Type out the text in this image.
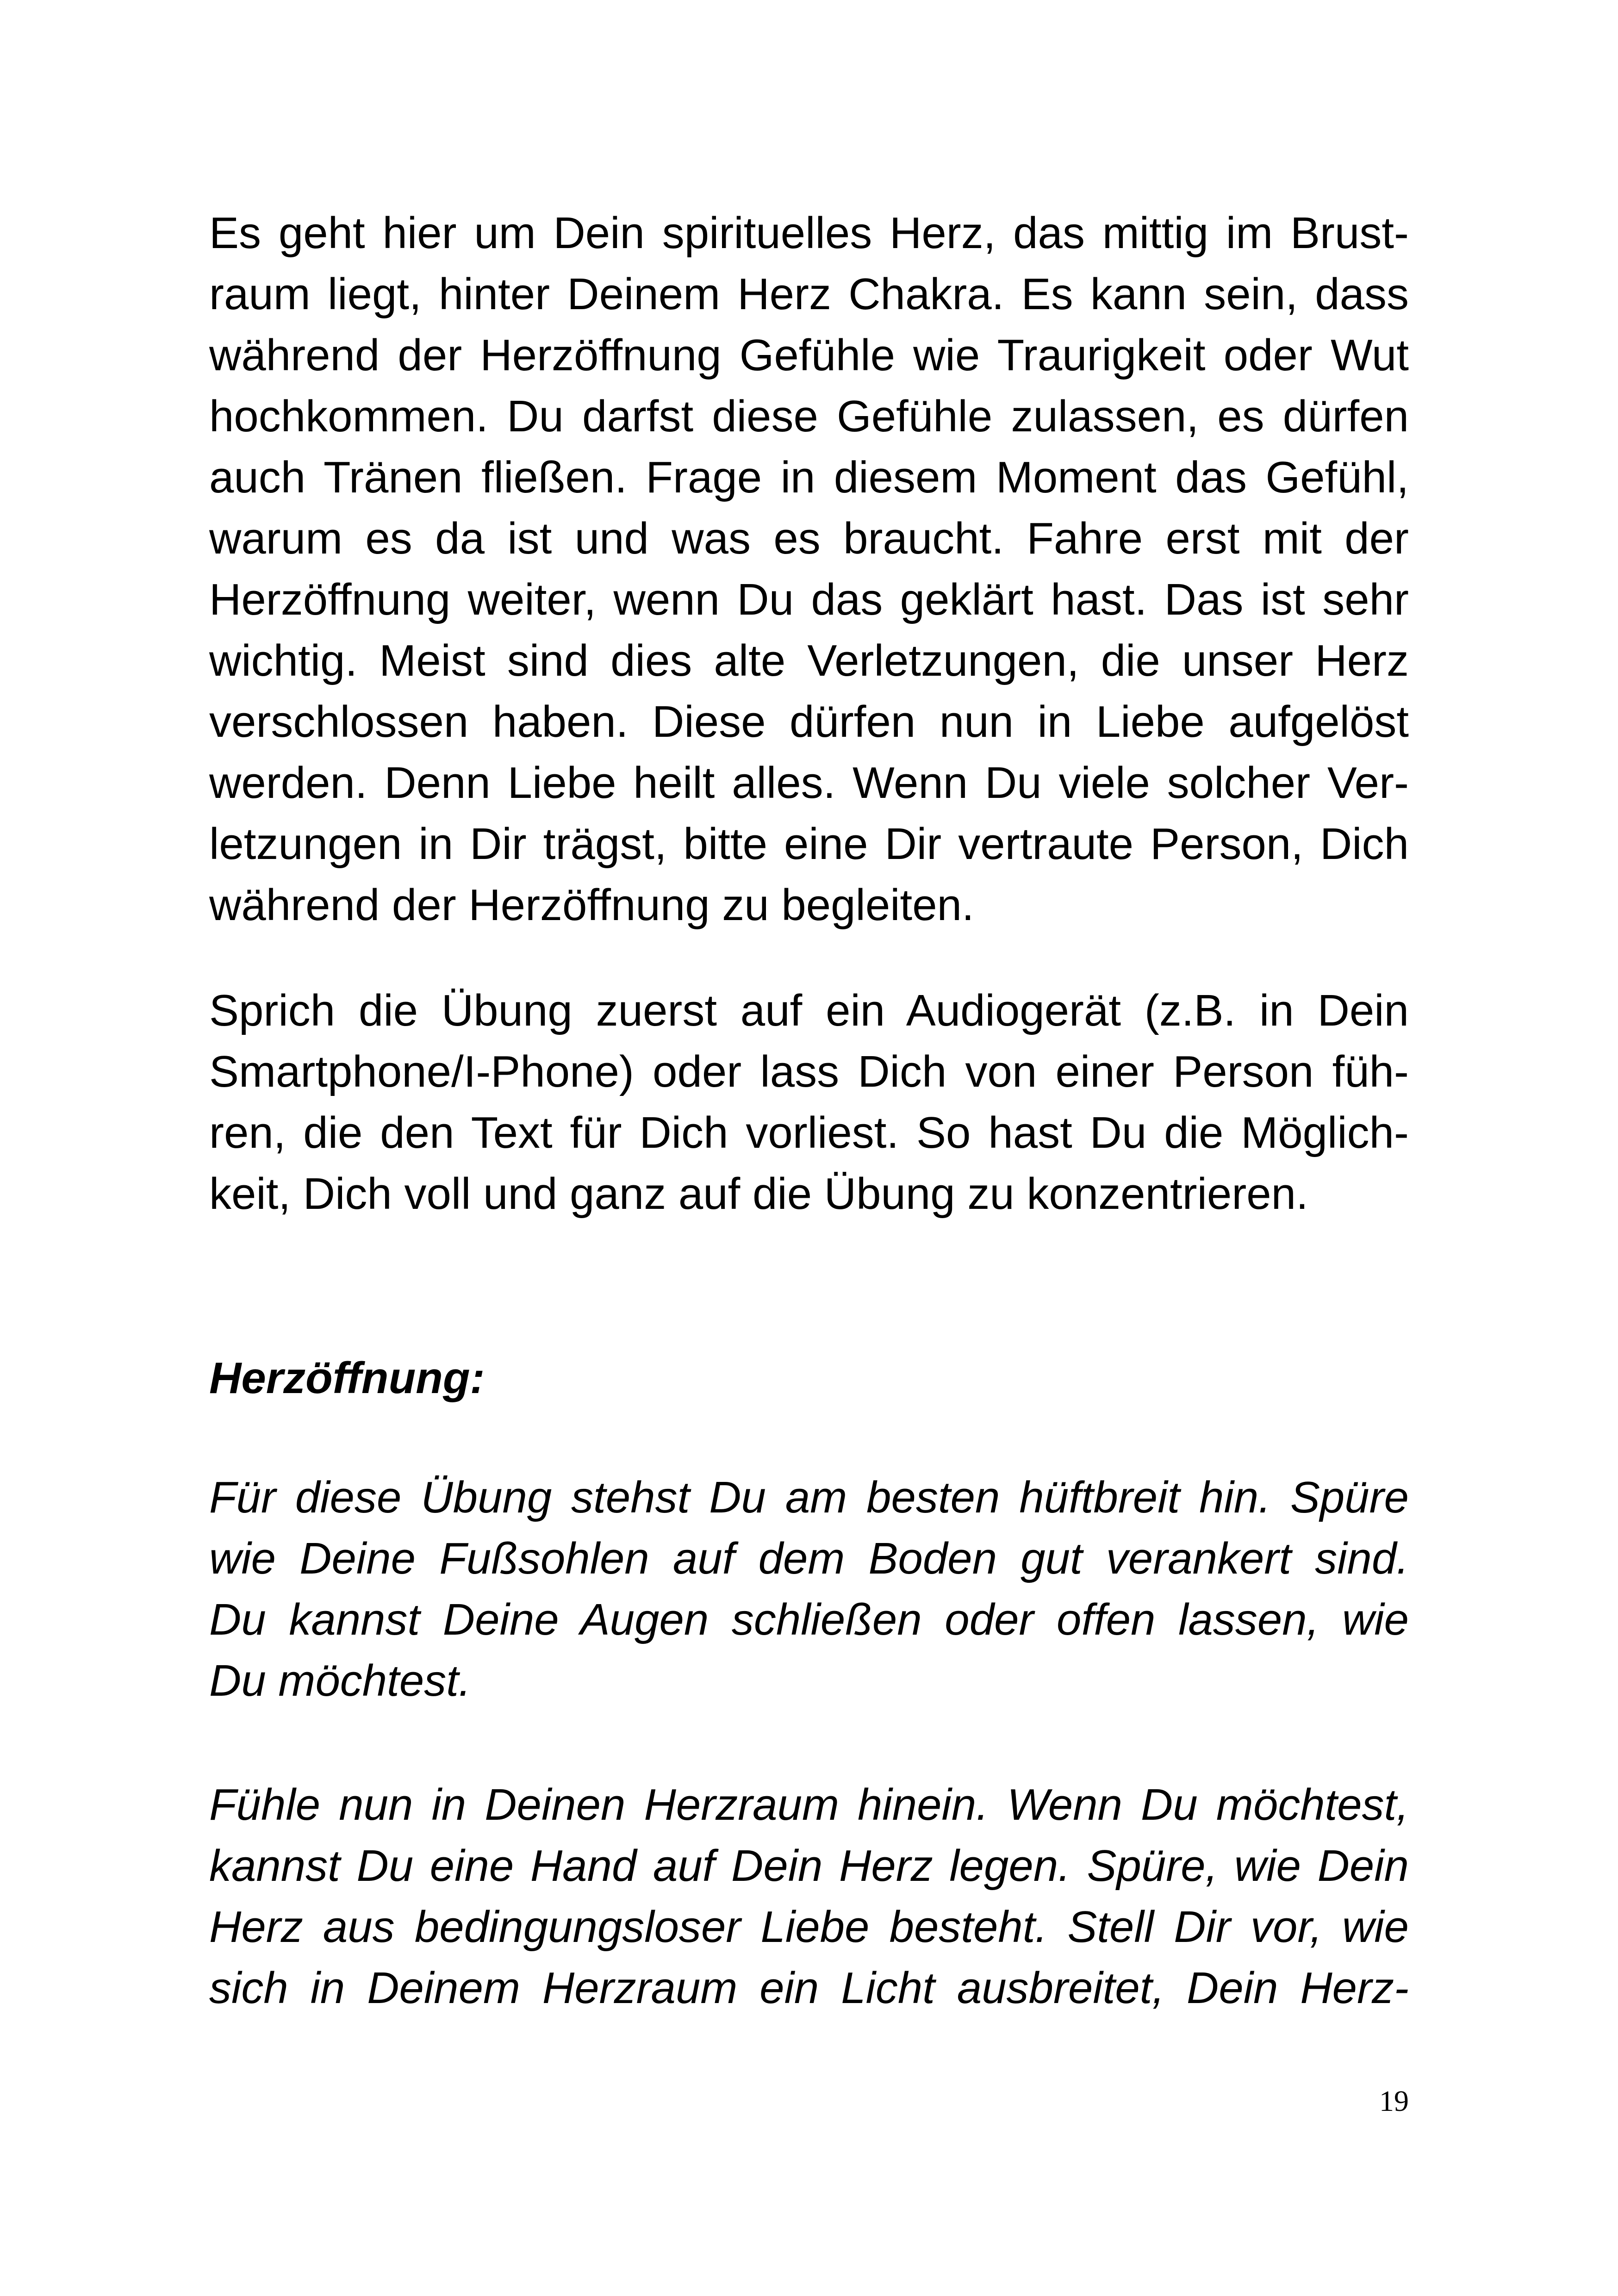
Es geht hier um Dein spirituelles Herz, das mittig im Brust-
raum liegt, hinter Deinem Herz Chakra. Es kann sein, dass
während der Herzöffnung Gefühle wie Traurigkeit oder Wut
hochkommen. Du darfst diese Gefühle zulassen, es dürfen
auch Tränen fließen. Frage in diesem Moment das Gefühl,
warum es da ist und was es braucht. Fahre erst mit der
Herzöffnung weiter, wenn Du das geklärt hast. Das ist sehr
wichtig. Meist sind dies alte Verletzungen, die unser Herz
verschlossen haben. Diese dürfen nun in Liebe aufgelöst
werden. Denn Liebe heilt alles. Wenn Du viele solcher Ver-
letzungen in Dir trägst, bitte eine Dir vertraute Person, Dich
während der Herzöffnung zu begleiten.
Sprich die Übung zuerst auf ein Audiogerät (z.B. in Dein
Smartphone/I-Phone) oder lass Dich von einer Person füh-
ren, die den Text für Dich vorliest. So hast Du die Möglich-
keit, Dich voll und ganz auf die Übung zu konzentrieren.
Herzöffnung:
Für diese Übung stehst Du am besten hüftbreit hin. Spüre
wie Deine Fußsohlen auf dem Boden gut verankert sind.
Du kannst Deine Augen schließen oder offen lassen, wie
Du möchtest.
Fühle nun in Deinen Herzraum hinein. Wenn Du möchtest,
kannst Du eine Hand auf Dein Herz legen. Spüre, wie Dein
Herz aus bedingungsloser Liebe besteht. Stell Dir vor, wie
sich in Deinem Herzraum ein Licht ausbreitet, Dein Herz-
19
